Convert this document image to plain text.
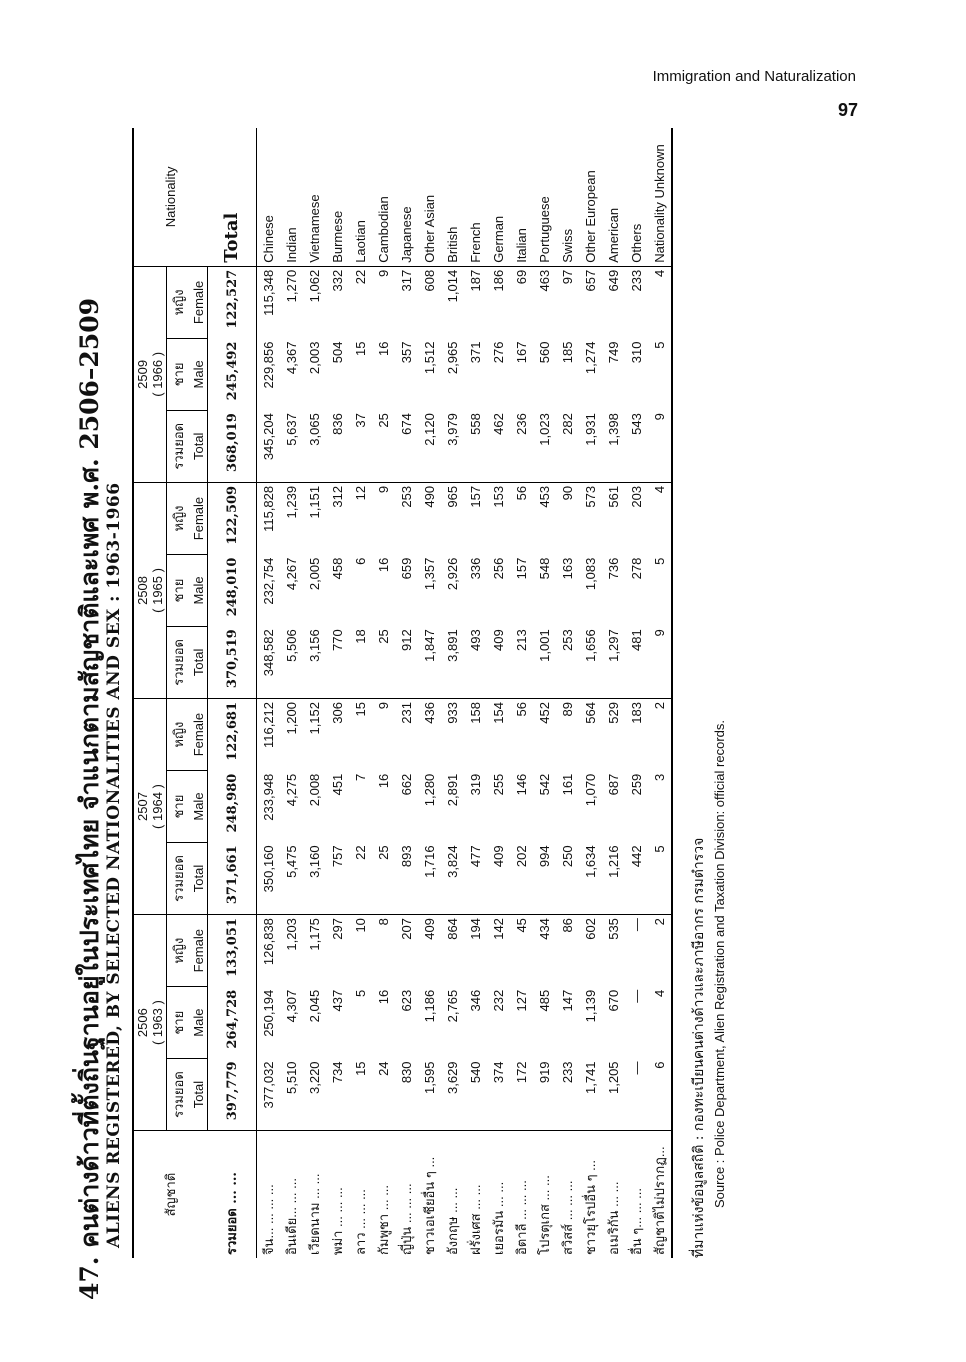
Immigration and Naturalization
97
47. คนต่างด้าวที่ตั้งถิ่นฐานอยู่ในประเทศไทย จำแนกตามสัญชาติและเพศ พ.ศ. 2506–2509 ALIENS REGISTERED, BY SELECTED NATIONALITIES AND SEX : 1963-1966	สัญชาติ	2506 ( 1963 )			2507 ( 1964 )			2508 ( 1965 )			2509 ( 1966 )			Nationality
	รวมยอด	ชาย	หญิง	รวมยอด	ชาย	หญิง	รวมยอด	ชาย	หญิง	รวมยอด	ชาย	หญิง	
	Total	Male	Female	Total	Male	Female	Total	Male	Female	Total	Male	Female	
รวมยอด ... ...	397,779	264,728	133,051	371,661	248,980	122,681	370,519	248,010	122,509	368,019	245,492	122,527	Total
จีน... ... ... ...	377,032	250,194	126,838	350,160	233,948	116,212	348,582	232,754	115,828	345,204	229,856	115,348	Chinese
อินเดีย... ... ...	5,510	4,307	1,203	5,475	4,275	1,200	5,506	4,267	1,239	5,637	4,367	1,270	Indian
เวียดนาม ... ...	3,220	2,045	1,175	3,160	2,008	1,152	3,156	2,005	1,151	3,065	2,003	1,062	Vietnamese
พม่า ... ... ...	734	437	297	757	451	306	770	458	312	836	504	332	Burmese
ลาว ... ... ...	15	5	10	22	7	15	18	6	12	37	15	22	Laotian
กัมพูชา ... ...	24	16	8	25	16	9	25	16	9	25	16	9	Cambodian
ญี่ปุ่น ... ... ...	830	623	207	893	662	231	912	659	253	674	357	317	Japanese
ชาวเอเชียอื่น ๆ ...	1,595	1,186	409	1,716	1,280	436	1,847	1,357	490	2,120	1,512	608	Other Asian
อังกฤษ ... ...	3,629	2,765	864	3,824	2,891	933	3,891	2,926	965	3,979	2,965	1,014	British
ฝรั่งเศส ... ...	540	346	194	477	319	158	493	336	157	558	371	187	French
เยอรมัน ... ...	374	232	142	409	255	154	409	256	153	462	276	186	German
อิตาลี ... ... ...	172	127	45	202	146	56	213	157	56	236	167	69	Italian
โปรตุเกส ... ...	919	485	434	994	542	452	1,001	548	453	1,023	560	463	Portuguese
สวิสส์ ... ... ...	233	147	86	250	161	89	253	163	90	282	185	97	Swiss
ชาวยุโรปอื่น ๆ ...	1,741	1,139	602	1,634	1,070	564	1,656	1,083	573	1,931	1,274	657	Other European
อเมริกัน ... ...	1,205	670	535	1,216	687	529	1,297	736	561	1,398	749	649	American
อื่น ๆ... ... ...	—	—	—	442	259	183	481	278	203	543	310	233	Others
สัญชาติไม่ปรากฏ...	6	4	2	5	3	2	9	5	4	9	5	4	Nationality Unknown
ที่มาแห่งข้อมูลสถิติ : กองทะเบียนคนต่างด้าวและภาษีอากร กรมตำรวจ Source : Police Department, Alien Registration and Taxation Division: official records.
